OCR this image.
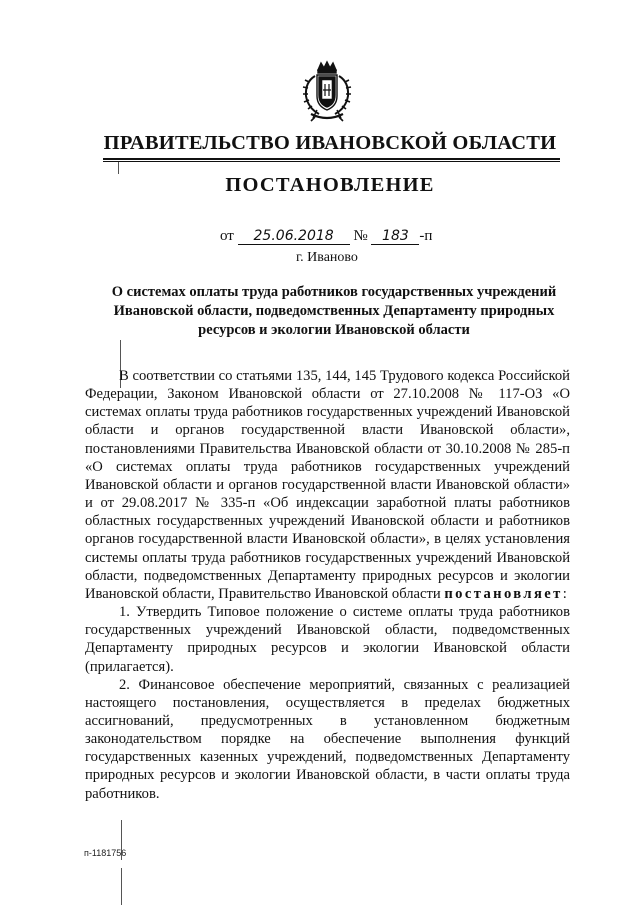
ПРАВИТЕЛЬСТВО ИВАНОВСКОЙ ОБЛАСТИ
ПОСТАНОВЛЕНИЕ
от 25.06.2018 № 183 -п
г. Иваново
О системах оплаты труда работников государственных учреждений Ивановской области, подведомственных Департаменту природных ресурсов и экологии Ивановской области

В соответствии со статьями 135, 144, 145 Трудового кодекса Российской Федерации, Законом Ивановской области от 27.10.2008 № 117-ОЗ «О системах оплаты труда работников государственных учреждений Ивановской области и органов государственной власти Ивановской области», постановлениями Правительства Ивановской области от 30.10.2008 № 285-п «О системах оплаты труда работников государственных учреждений Ивановской области и органов государственной власти Ивановской области» и от 29.08.2017 № 335-п «Об индексации заработной платы работников областных государственных учреждений Ивановской области и работников органов государственной власти Ивановской области», в целях установления системы оплаты труда работников государственных учреждений Ивановской области, подведомственных Департаменту природных ресурсов и экологии Ивановской области, Правительство Ивановской области постановляет:

1. Утвердить Типовое положение о системе оплаты труда работников государственных учреждений Ивановской области, подведомственных Департаменту природных ресурсов и экологии Ивановской области (прилагается).

2. Финансовое обеспечение мероприятий, связанных с реализацией настоящего постановления, осуществляется в пределах бюджетных ассигнований, предусмотренных в установленном бюджетным законодательством порядке на обеспечение выполнения функций государственных казенных учреждений, подведомственных Департаменту природных ресурсов и экологии Ивановской области, в части оплаты труда работников.

п-1181756
